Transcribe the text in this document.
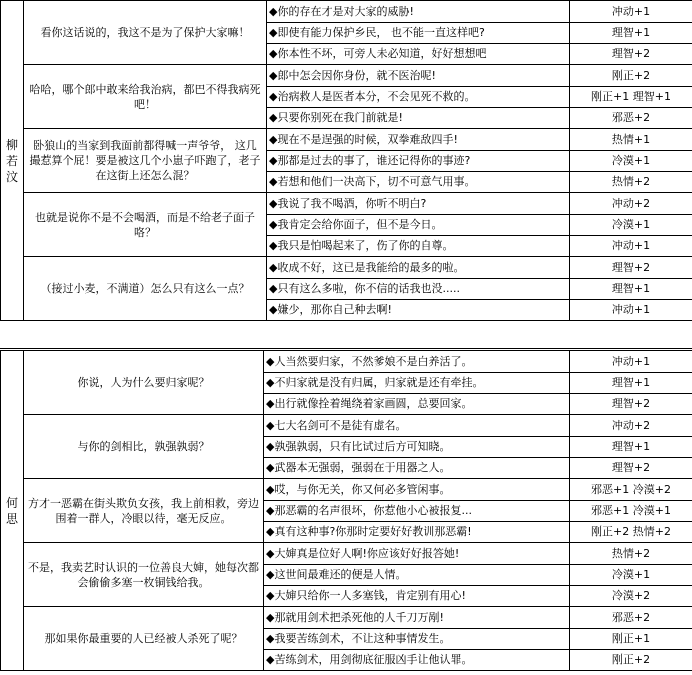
柳
若
汶	看你这话说的，我这不是为了保护大家嘛！	◆你的存在才是对大家的威胁!	冲动+1
		◆即使有能力保护乡民， 也不能一直这样吧?	理智+1
		◆你本性不坏，可旁人未必知道，好好想想吧	理智+2
	哈哈，哪个郎中敢来给我治病，都巴不得我病死吧！	◆郎中怎会因你身份，就不医治呢!	刚正+2
		◆治病救人是医者本分，不会见死不救的。	刚正+1 理智+1
		◆只要你别死在我门前就是!	邪恶+2
	卧狼山的当家到我面前都得喊一声爷爷， 这几撮惹算个屁！要是被这几个小崽子吓跑了，老子在这街上还怎么混？	◆现在不是逞强的时候，双拳难敌四手!	热情+1
		◆那都是过去的事了，谁还记得你的事迹?	冷漠+1
		◆若想和他们一决高下，切不可意气用事。	热情+2
	也就是说你不是不会喝酒，而是不给老子面子咯？	◆我说了我不喝酒，你听不明白?	冲动+2
		◆我肯定会给你面子，但不是今日。	冷漠+1
		◆我只是怕喝起来了，伤了你的自尊。	冲动+1
	（接过小麦，不满道）怎么只有这么一点？	◆收成不好，这已是我能给的最多的啦。	理智+2
		◆只有这么多啦，你不信的话我也没.....	理智+1
		◆嫌少，那你自己种去啊!	冲动+1
何
思	你说，人为什么要归家呢？	◆人当然要归家，不然爹娘不是白养活了。	冲动+1
		◆不归家就是没有归属，归家就是还有牵挂。	理智+1
		◆出行就像拴着绳绕着家画圆，总要回家。	理智+2
	与你的剑相比，孰强孰弱？	◆七大名剑可不是徒有虚名。	冲动+2
		◆孰强孰弱，只有比试过后方可知晓。	理智+1
		◆武器本无强弱，强弱在于用器之人。	理智+2
	方才一恶霸在街头欺负女孩，我上前相救，旁边围着一群人，冷眼以待，毫无反应。	◆哎，与你无关，你又何必多管闲事。	邪恶+1 冷漠+2
		◆那恶霸的名声很坏，你惹他小心被报复...	邪恶+1 冷漠+1
		◆真有这种事?你那时定要好好教训那恶霸!	刚正+2 热情+2
	不是，我卖艺时认识的一位善良大婶，她每次都会偷偷多塞一枚铜钱给我。	◆大婶真是位好人啊!你应该好好报答她!	热情+2
		◆这世间最难还的便是人情。	冷漠+1
		◆大婶只给你一人多塞钱，肯定别有用心!	冷漠+2
	那如果你最重要的人已经被人杀死了呢？	◆那就用剑术把杀死他的人千刀万剐!	邪恶+2
		◆我要苦练剑术，不让这种事情发生。	刚正+1
		◆苦练剑术，用剑彻底征服凶手让他认罪。	刚正+2
